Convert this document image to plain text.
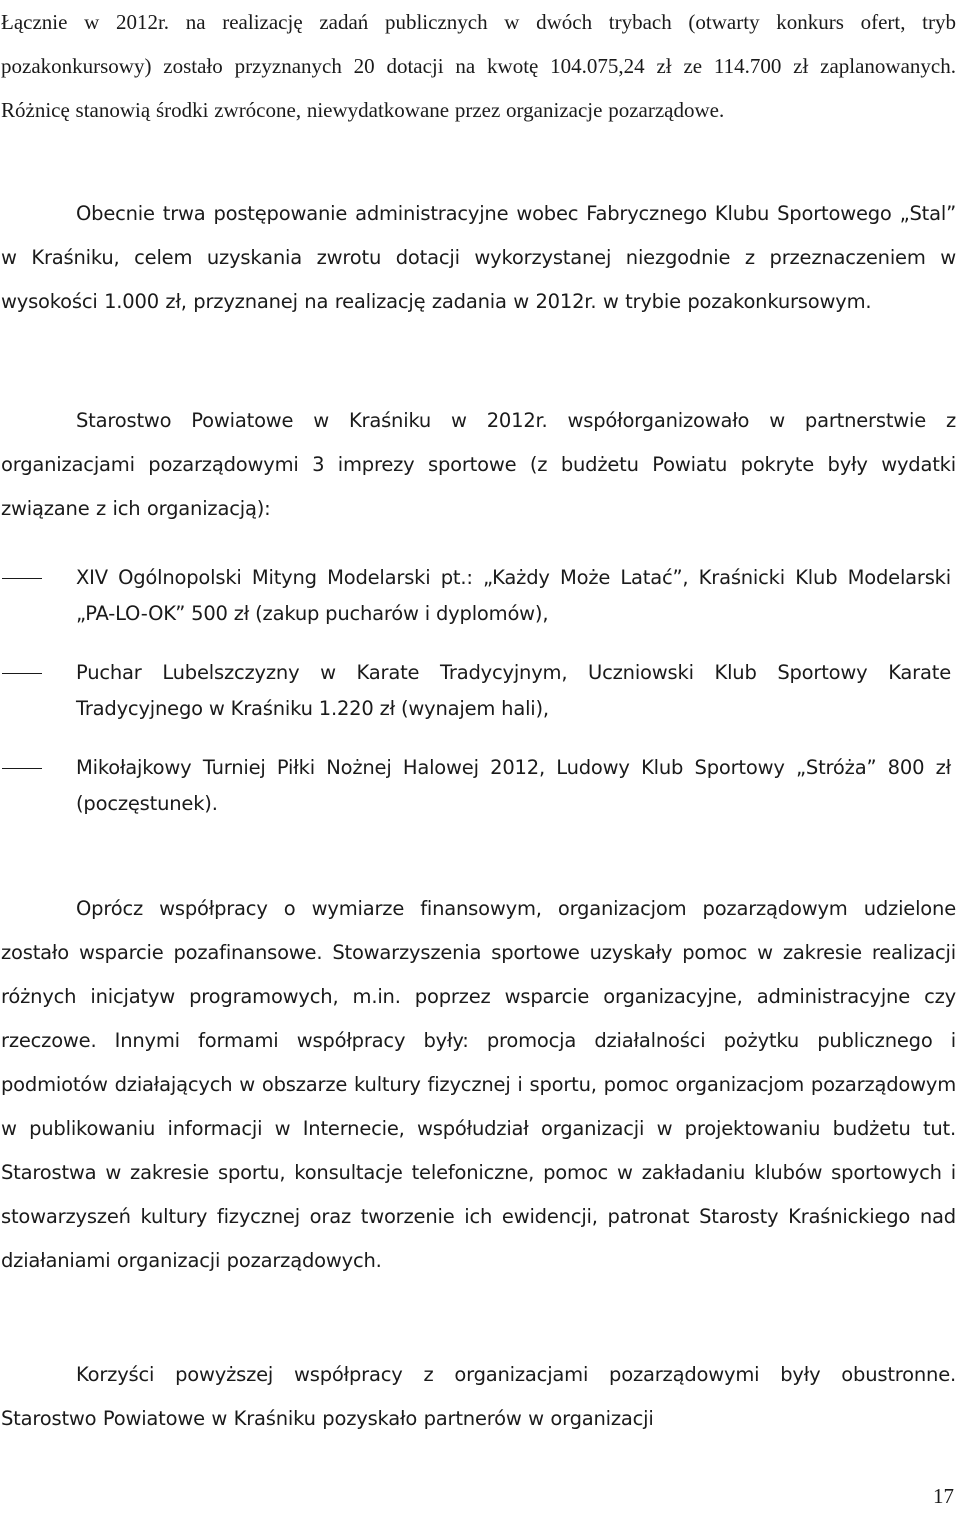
Łącznie w 2012r. na realizację zadań publicznych w dwóch trybach (otwarty konkurs ofert, tryb pozakonkursowy) zostało przyznanych 20 dotacji na kwotę 104.075,24 zł ze 114.700 zł zaplanowanych. Różnicę stanowią środki zwrócone, niewydatkowane przez organizacje pozarządowe.

Obecnie trwa postępowanie administracyjne wobec Fabrycznego Klubu Sportowego „Stal” w Kraśniku, celem uzyskania zwrotu dotacji wykorzystanej niezgodnie z przeznaczeniem w wysokości 1.000 zł, przyznanej na realizację zadania w 2012r. w trybie pozakonkursowym.

Starostwo Powiatowe w Kraśniku w 2012r. współorganizowało w partnerstwie z organizacjami pozarządowymi 3 imprezy sportowe (z budżetu Powiatu pokryte były wydatki związane z ich organizacją):

XIV Ogólnopolski Mityng Modelarski pt.: „Każdy Może Latać”, Kraśnicki Klub Modelarski „PA-LO-OK” 500 zł (zakup pucharów i dyplomów),
Puchar Lubelszczyzny w Karate Tradycyjnym, Uczniowski Klub Sportowy Karate Tradycyjnego w Kraśniku 1.220 zł (wynajem hali),
Mikołajkowy Turniej Piłki Nożnej Halowej 2012, Ludowy Klub Sportowy „Stróża” 800 zł (poczęstunek).

Oprócz współpracy o wymiarze finansowym, organizacjom pozarządowym udzielone zostało wsparcie pozafinansowe. Stowarzyszenia sportowe uzyskały pomoc w zakresie realizacji różnych inicjatyw programowych, m.in. poprzez wsparcie organizacyjne, administracyjne czy rzeczowe. Innymi formami współpracy były: promocja działalności pożytku publicznego i podmiotów działających w obszarze kultury fizycznej i sportu, pomoc organizacjom pozarządowym w publikowaniu informacji w Internecie, współudział organizacji w projektowaniu budżetu tut. Starostwa w zakresie sportu, konsultacje telefoniczne, pomoc w zakładaniu klubów sportowych i stowarzyszeń kultury fizycznej oraz tworzenie ich ewidencji, patronat Starosty Kraśnickiego nad działaniami organizacji pozarządowych.

Korzyści powyższej współpracy z organizacjami pozarządowymi były obustronne. Starostwo Powiatowe w Kraśniku pozyskało partnerów w organizacji

17
